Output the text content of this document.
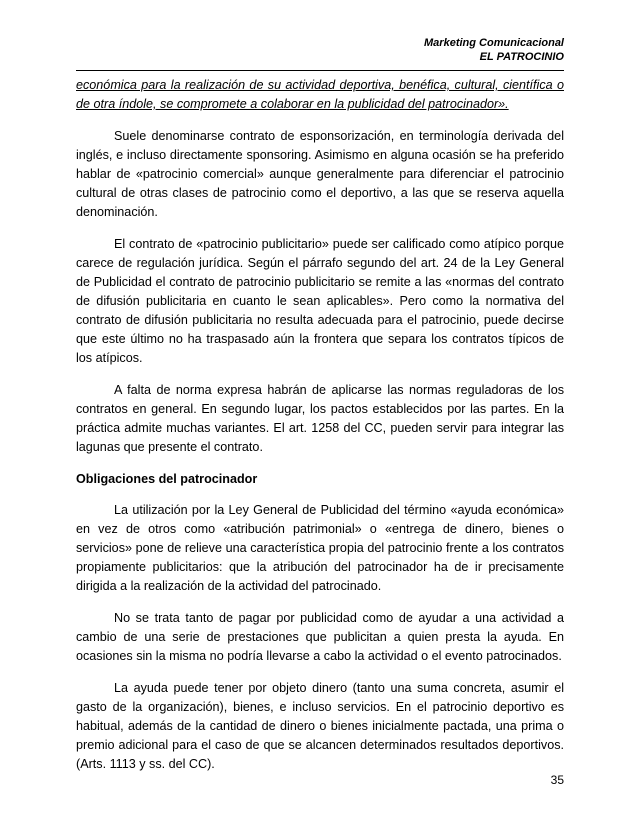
Marketing Comunicacional
EL PATROCINIO

económica para la realización de su actividad deportiva, benéfica, cultural, científica o de otra índole, se compromete a colaborar en la publicidad del patrocinador».

Suele denominarse contrato de esponsorización, en terminología derivada del inglés, e incluso directamente sponsoring. Asimismo en alguna ocasión se ha preferido hablar de «patrocinio comercial» aunque generalmente para diferenciar el patrocinio cultural de otras clases de patrocinio como el deportivo, a las que se reserva aquella denominación.

El contrato de «patrocinio publicitario» puede ser calificado como atípico porque carece de regulación jurídica. Según el párrafo segundo del art. 24 de la Ley General de Publicidad el contrato de patrocinio publicitario se remite a las «normas del contrato de difusión publicitaria en cuanto le sean aplicables». Pero como la normativa del contrato de difusión publicitaria no resulta adecuada para el patrocinio, puede decirse que este último no ha traspasado aún la frontera que separa los contratos típicos de los atípicos.

A falta de norma expresa habrán de aplicarse las normas reguladoras de los contratos en general. En segundo lugar, los pactos establecidos por las partes. En la práctica admite muchas variantes. El art. 1258 del CC, pueden servir para integrar las lagunas que presente el contrato.

Obligaciones del patrocinador

La utilización por la Ley General de Publicidad del término «ayuda económica» en vez de otros como «atribución patrimonial» o «entrega de dinero, bienes o servicios» pone de relieve una característica propia del patrocinio frente a los contratos propiamente publicitarios: que la atribución del patrocinador ha de ir precisamente dirigida a la realización de la actividad del patrocinado.

No se trata tanto de pagar por publicidad como de ayudar a una actividad a cambio de una serie de prestaciones que publicitan a quien presta la ayuda. En ocasiones sin la misma no podría llevarse a cabo la actividad o el evento patrocinados.

La ayuda puede tener por objeto dinero (tanto una suma concreta, asumir el gasto de la organización), bienes, e incluso servicios. En el patrocinio deportivo es habitual, además de la cantidad de dinero o bienes inicialmente pactada, una prima o premio adicional para el caso de que se alcancen determinados resultados deportivos. (Arts. 1113 y ss. del CC).

35
